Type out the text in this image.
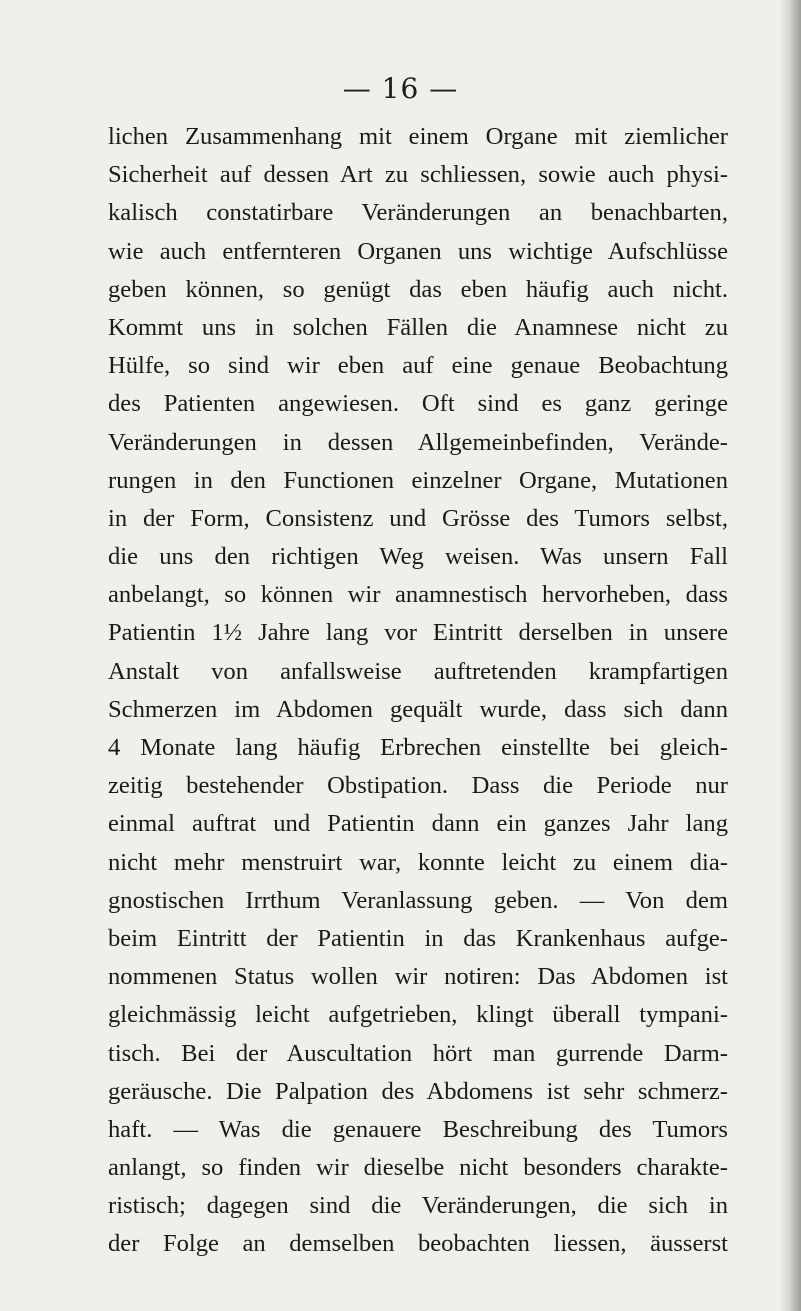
— 16 —
lichen Zusammenhang mit einem Organe mit ziemlicher
Sicherheit auf dessen Art zu schliessen, sowie auch physi-
kalisch constatirbare Veränderungen an benachbarten,
wie auch entfernteren Organen uns wichtige Aufschlüsse
geben können, so genügt das eben häufig auch nicht.
Kommt uns in solchen Fällen die Anamnese nicht zu
Hülfe, so sind wir eben auf eine genaue Beobachtung
des Patienten angewiesen. Oft sind es ganz geringe
Veränderungen in dessen Allgemeinbefinden, Verände-
rungen in den Functionen einzelner Organe, Mutationen
in der Form, Consistenz und Grösse des Tumors selbst,
die uns den richtigen Weg weisen. Was unsern Fall
anbelangt, so können wir anamnestisch hervorheben, dass
Patientin 1½ Jahre lang vor Eintritt derselben in unsere
Anstalt von anfallsweise auftretenden krampfartigen
Schmerzen im Abdomen gequält wurde, dass sich dann
4 Monate lang häufig Erbrechen einstellte bei gleich-
zeitig bestehender Obstipation. Dass die Periode nur
einmal auftrat und Patientin dann ein ganzes Jahr lang
nicht mehr menstruirt war, konnte leicht zu einem dia-
gnostischen Irrthum Veranlassung geben. — Von dem
beim Eintritt der Patientin in das Krankenhaus aufge-
nommenen Status wollen wir notiren: Das Abdomen ist
gleichmässig leicht aufgetrieben, klingt überall tympani-
tisch. Bei der Auscultation hört man gurrende Darm-
geräusche. Die Palpation des Abdomens ist sehr schmerz-
haft. — Was die genauere Beschreibung des Tumors
anlangt, so finden wir dieselbe nicht besonders charakte-
ristisch; dagegen sind die Veränderungen, die sich in
der Folge an demselben beobachten liessen, äusserst
